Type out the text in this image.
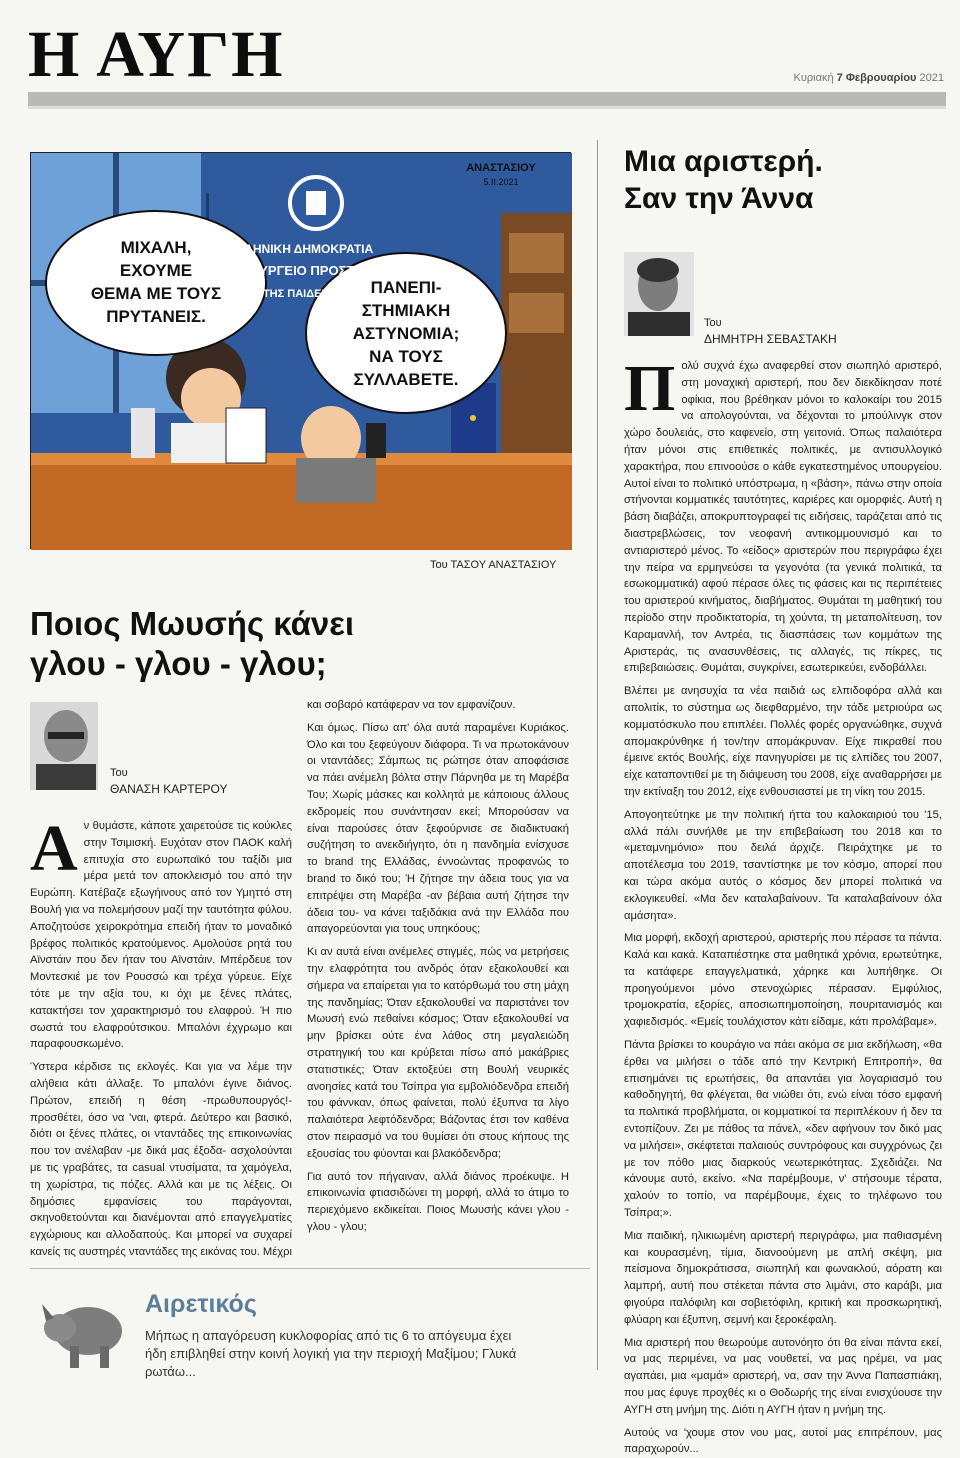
Η ΑΥΓΗ	Κυριακή 7 Φεβρουαρίου 2021
ΜΙΧΑΛΗ,
ΕΧΟΥΜΕ
ΘΕΜΑ ΜΕ ΤΟΥΣ
ΠΡΥΤΑΝΕΙΣ.
ΠΑΝΕΠΙ-
ΣΤΗΜΙΑΚΗ
ΑΣΤΥΝΟΜΙΑ;
ΝΑ ΤΟΥΣ
ΣΥΛΛΑΒΕΤΕ.
ΕΛΛΗΝΙΚΗ ΔΗΜΟΚΡΑΤΙΑ
ΥΠΟΥΡΓΕΙΟ ΠΡΟΣΤΑΣ
ΤΗΣ ΠΑΙΔΕΙΑΣ
ΑΝΑΣΤΑΣΙΟΥ
5.II.2021
Του ΤΑΣΟΥ ΑΝΑΣΤΑΣΙΟΥ
Ποιος Μωυσής κάνει
γλου - γλου - γλου;
Του
ΘΑΝΑΣΗ ΚΑΡΤΕΡΟΥ

Αν θυμάστε, κάποτε χαιρετούσε τις κούκλες στην Τσιμισκή. Ευχόταν στον ΠΑΟΚ καλή επιτυχία στο ευρωπαϊκό του ταξίδι μια μέρα μετά τον αποκλεισμό του από την Ευρώπη. Κατέβαζε εξωγήινους από τον Υμηττό στη Βουλή για να πολεμήσουν μαζί την ταυτότητα φύλου. Αποζητούσε χειροκρότημα επειδή ήταν το μοναδικό βρέφος πολιτικός κρατούμενος. Αμολούσε ρητά του Αϊνστάιν που δεν ήταν του Αϊνστάιν. Μπέρδευε τον Μοντεσκιέ με τον Ρουσσώ και τρέχα γύρευε. Είχε τότε με την αξία του, κι όχι με ξένες πλάτες, κατακτήσει τον χαρακτηρισμό του ελαφρού. Ή πιο σωστά του ελαφρούτσικου. Μπαλόνι έχγρωμο και παραφουσκωμένο.

Ύστερα κέρδισε τις εκλογές. Και για να λέμε την αλήθεια κάτι άλλαξε. Το μπαλόνι έγινε διάνος. Πρώτον, επειδή η θέση -πρωθυπουργός!- προσθέτει, όσο να 'ναι, φτερά. Δεύτερο και βασικό, διότι οι ξένες πλάτες, οι νταντάδες της επικοινωνίας που τον ανέλαβαν -με δικά μας έξοδα- ασχολούνται με τις γραβάτες, τα casual ντυσίματα, τα χαμόγελα, τη χωρίστρα, τις πόζες. Αλλά και με τις λέξεις. Οι δημόσιες εμφανίσεις του παράγονται, σκηνοθετούνται και διανέμονται από επαγγελματίες εγχώριους και αλλοδαπούς. Και μπορεί να συχαρεί κανείς τις αυστηρές νταντάδες της εικόνας του. Μέχρι

και σοβαρό κατάφεραν να τον εμφανίζουν.

Και όμως. Πίσω απ' όλα αυτά παραμένει Κυριάκος. Όλο και του ξεφεύγουν διάφορα. Τι να πρωτοκάνουν οι νταντάδες; Σάμπως τις ρώτησε όταν αποφάσισε να πάει ανέμελη βόλτα στην Πάρνηθα με τη Μαρέβα Του; Χωρίς μάσκες και κολλητά με κάποιους άλλους εκδρομείς που συνάντησαν εκεί; Μπορούσαν να είναι παρούσες όταν ξεφούρνισε σε διαδικτυακή συζήτηση το ανεκδιήγητο, ότι η πανδημία ενίσχυσε το brand της Ελλάδας, έννοώντας προφανώς το brand το δικό του; Ή ζήτησε την άδεια τους για να επιτρέψει στη Μαρέβα -αν βέβαια αυτή ζήτησε την άδεια του- να κάνει ταξιδάκια ανά την Ελλάδα που απαγορεύονται για τους υπηκόους;

Κι αν αυτά είναι ανέμελες στιγμές, πώς να μετρήσεις την ελαφρότητα του ανδρός όταν εξακολουθεί και σήμερα να επαίρεται για το κατόρθωμά του στη μάχη της πανδημίας; Όταν εξακολουθεί να παριστάνει τον Μωυσή ενώ πεθαίνει κόσμος; Όταν εξακολουθεί να μην βρίσκει ούτε ένα λάθος στη μεγαλειώδη στρατηγική του και κρύβεται πίσω από μακάβριες στατιστικές; Όταν εκτοξεύει στη Βουλή νευρικές ανοησίες κατά του Τσίπρα για εμβολιόδενδρα επειδή του φάννκαν, όπως φαίνεται, πολύ έξυπνα τα λίγο παλαιότερα λεφτόδενδρα; Βάζοντας έτσι τον καθένα στον πειρασμό να του θυμίσει ότι στους κήπους της εξουσίας του φύονται και βλακόδενδρα;

Για αυτό τον πήγαιναν, αλλά διάνος προέκυψε. Η επικοινωνία φτιασιδώνει τη μορφή, αλλά το άτιμο το περιεχόμενο εκδικείται. Ποιος Μωυσής κάνει γλου - γλου - γλου;

Αιρετικός
Μήπως η απαγόρευση κυκλοφορίας από τις 6 το απόγευμα έχει ήδη επιβληθεί στην κοινή λογική για την περιοχή Μαξίμου; Γλυκά ρωτάω...
Μια αριστερή.
Σαν την Άννα
Του
ΔΗΜΗΤΡΗ ΣΕΒΑΣΤΑΚΗ

Πολύ συχνά έχω αναφερθεί στον σιωπηλό αριστερό, στη μοναχική αριστερή, που δεν διεκδίκησαν ποτέ οφίκια, που βρέθηκαν μόνοι το καλοκαίρι του 2015 να απολογούνται, να δέχονται το μπούλινγκ στον χώρο δουλειάς, στο καφενείο, στη γειτονιά. Όπως παλαιότερα ήταν μόνοι στις επιθετικές πολιτικές, με αντισυλλογικό χαρακτήρα, που επινοούσε ο κάθε εγκατεστημένος υπουργείου. Αυτοί είναι το πολιτικό υπόστρωμα, η «βάση», πάνω στην οποία στήνονται κομματικές ταυτότητες, καριέρες και ομορφιές. Αυτή η βάση διαβάζει, αποκρυπτογραφεί τις ειδήσεις, ταράζεται από τις διαστρεβλώσεις, τον νεοφανή αντικομμουνισμό και το αντιαριστερό μένος. Το «είδος» αριστερών που περιγράφω έχει την πείρα να ερμηνεύσει τα γεγονότα (τα γενικά πολιτικά, τα εσωκομματικά) αφού πέρασε όλες τις φάσεις και τις περιπέτειες του αριστερού κινήματος, διαβήματος. Θυμάται τη μαθητική του περίοδο στην προδικτατορία, τη χούντα, τη μεταπολίτευση, τον Καραμανλή, τον Αντρέα, τις διασπάσεις των κομμάτων της Αριστεράς, τις ανασυνθέσεις, τις αλλαγές, τις πίκρες, τις επιβεβαιώσεις. Θυμάται, συγκρίνει, εσωτερικεύει, ενδοβάλλει.

Βλέπει με ανησυχία τα νέα παιδιά ως ελπιδοφόρα αλλά και απολιτίκ, το σύστημα ως διεφθαρμένο, την τάδε μετριούρα ως κομματόσκυλο που επιπλέει. Πολλές φορές οργανώθηκε, συχνά απομακρύνθηκε ή τον/την απομάκρυναν. Είχε πικραθεί που έμεινε εκτός Βουλής, είχε πανηγυρίσει με τις ελπίδες του 2007, είχε καταποντιθεί με τη διάψευση του 2008, είχε αναθαρρήσει με την εκτίναξη του 2012, είχε ενθουσιαστεί με τη νίκη του 2015.

Απογοητεύτηκε με την πολιτική ήττα του καλοκαιριού του '15, αλλά πάλι συνήλθε με την επιβεβαίωση του 2018 και το «μεταμνημόνιο» που δειλά άρχιζε. Πειράχτηκε με το αποτέλεσμα του 2019, τσαντίστηκε με τον κόσμο, απορεί που και τώρα ακόμα αυτός ο κόσμος δεν μπορεί πολιτικά να εκλογικευθεί. «Μα δεν καταλαβαίνουν. Τα καταλαβαίνουν όλα αμάσητα».

Μια μορφή, εκδοχή αριστερού, αριστερής που πέρασε τα πάντα. Καλά και κακά. Καταπιέστηκε στα μαθητικά χρόνια, ερωτεύτηκε, τα κατάφερε επαγγελματικά, χάρηκε και λυπήθηκε. Οι προηγούμενοι μόνο στενοχώριες πέρασαν. Εμφύλιος, τρομοκρατία, εξορίες, αποσιωπημοποίηση, πουριτανισμός και χαφιεδισμός. «Εμείς τουλάχιστον κάτι είδαμε, κάτι προλάβαμε».

Πάντα βρίσκει το κουράγιο να πάει ακόμα σε μια εκδήλωση, «θα έρθει να μιλήσει ο τάδε από την Κεντρική Επιτροπή», θα επισημάνει τις ερωτήσεις, θα απαντάει για λογαριασμό του καθοδηγητή, θα φλέγεται, θα νιώθει ότι, ενώ είναι τόσο εμφανή τα πολιτικά προβλήματα, οι κομματικοί τα περιπλέκουν ή δεν τα εντοπίζουν. Ζει με πάθος τα πάνελ, «δεν αφήνουν τον δικό μας να μιλήσει», σκέφτεται παλαιούς συντρόφους και συγχρόνως ζει με τον πόθο μιας διαρκούς νεωτερικότητας. Σχεδιάζει. Να κάνουμε αυτό, εκείνο. «Να παρέμβουμε, ν' στήσουμε τέρατα, χαλούν το τοπίο, να παρέμβουμε, έχεις το τηλέφωνο του Τσίπρα;».

Μια παιδική, ηλικιωμένη αριστερή περιγράφω, μια παθιασμένη και κουρασμένη, τίμια, διανοούμενη με απλή σκέψη, μια πείσμονα δημοκράτισσα, σιωπηλή και φωνακλού, αόρατη και λαμπρή, αυτή που στέκεται πάντα στο λιμάνι, στο καράβι, μια φιγούρα ιταλόφιλη και σοβιετόφιλη, κριτική και προσκωρητική, φλύαρη και έξυπνη, σεμνή και ξεροκέφαλη.

Μια αριστερή που θεωρούμε αυτονόητο ότι θα είναι πάντα εκεί, να μας περιμένει, να μας νουθετεί, να μας ηρέμει, να μας αγαπάει, μια «μαμά» αριστερή, να, σαν την Άννα Παπασπιάκη, που μας έφυγε προχθές κι ο Θοδωρής της είναι ενισχύουσε την ΑΥΓΗ στη μνήμη της. Διότι η ΑΥΓΗ ήταν η μνήμη της.

Αυτούς να 'χουμε στον νου μας, αυτοί μας επιτρέπουν, μας παραχωρούν...
